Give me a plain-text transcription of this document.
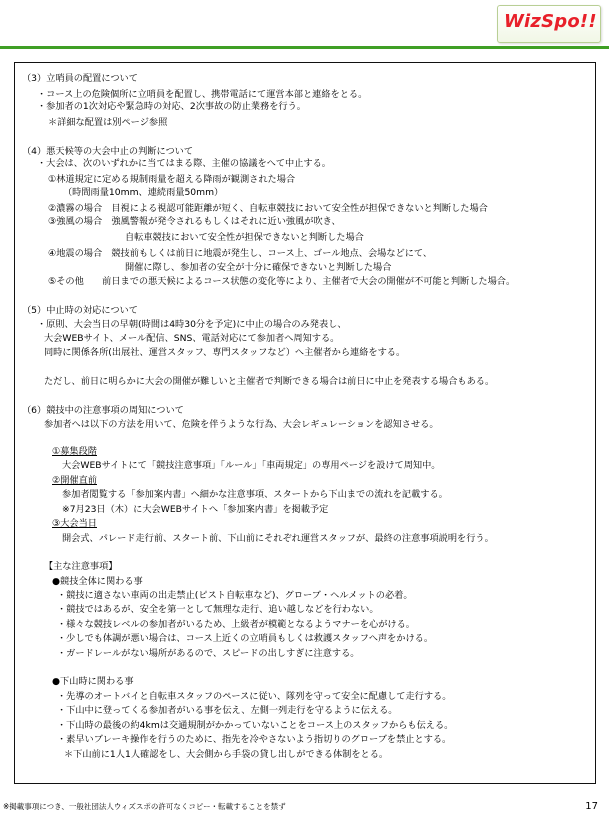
WizSpo!!
（3）立哨員の配置について
・コース上の危険個所に立哨員を配置し、携帯電話にて運営本部と連絡をとる。
・参加者の1次対応や緊急時の対応、2次事故の防止業務を行う。
＊詳細な配置は別ページ参照
（4）悪天候等の大会中止の判断について
・大会は、次のいずれかに当てはまる際、主催の協議をへて中止する。
①林道規定に定める規制雨量を超える降雨が観測された場合
（時間雨量10mm、連続雨量50mm）
②濃霧の場合　目視による視認可能距離が短く、自転車競技において安全性が担保できないと判断した場合
③強風の場合　強風警報が発令されるもしくはそれに近い強風が吹き、
自転車競技において安全性が担保できないと判断した場合
④地震の場合　競技前もしくは前日に地震が発生し、コース上、ゴール地点、会場などにて、
開催に際し、参加者の安全が十分に確保できないと判断した場合
⑤その他　　前日までの悪天候によるコース状態の変化等により、主催者で大会の開催が不可能と判断した場合。
（5）中止時の対応について
・原則、大会当日の早朝(時間は4時30分を予定)に中止の場合のみ発表し、
大会WEBサイト、メール配信、SNS、電話対応にて参加者へ周知する。
同時に関係各所(出展社、運営スタッフ、専門スタッフなど）へ主催者から連絡をする。
ただし、前日に明らかに大会の開催が難しいと主催者で判断できる場合は前日に中止を発表する場合もある。
（6）競技中の注意事項の周知について
参加者へは以下の方法を用いて、危険を伴うような行為、大会レギュレーションを認知させる。
①募集段階
大会WEBサイトにて「競技注意事項」「ルール」「車両規定」の専用ページを設けて周知中。
②開催直前
参加者閲覧する「参加案内書」へ細かな注意事項、スタートから下山までの流れを記載する。
※7月23日（木）に大会WEBサイトへ「参加案内書」を掲載予定
③大会当日
開会式、パレード走行前、スタート前、下山前にそれぞれ運営スタッフが、最終の注意事項説明を行う。
【主な注意事項】
●競技全体に関わる事
・競技に適さない車両の出走禁止(ピスト自転車など)、グローブ・ヘルメットの必着。
・競技ではあるが、安全を第一として無理な走行、追い越しなどを行わない。
・様々な競技レベルの参加者がいるため、上級者が模範となるようマナーを心がける。
・少しでも体調が悪い場合は、コース上近くの立哨員もしくは救護スタッフへ声をかける。
・ガードレールがない場所があるので、スピードの出しすぎに注意する。
●下山時に関わる事
・先導のオートバイと自転車スタッフのペースに従い、隊列を守って安全に配慮して走行する。
・下山中に登ってくる参加者がいる事を伝え、左側一列走行を守るように伝える。
・下山時の最後の約4kmは交通規制がかかっていないことをコース上のスタッフからも伝える。
・素早いブレーキ操作を行うのために、指先を冷やさないよう指切りのグローブを禁止とする。
＊下山前に1人1人確認をし、大会側から手袋の貸し出しができる体制をとる。
※掲載事項につき、一般社団法人ウィズスポの許可なくコピー・転載することを禁ず	17
